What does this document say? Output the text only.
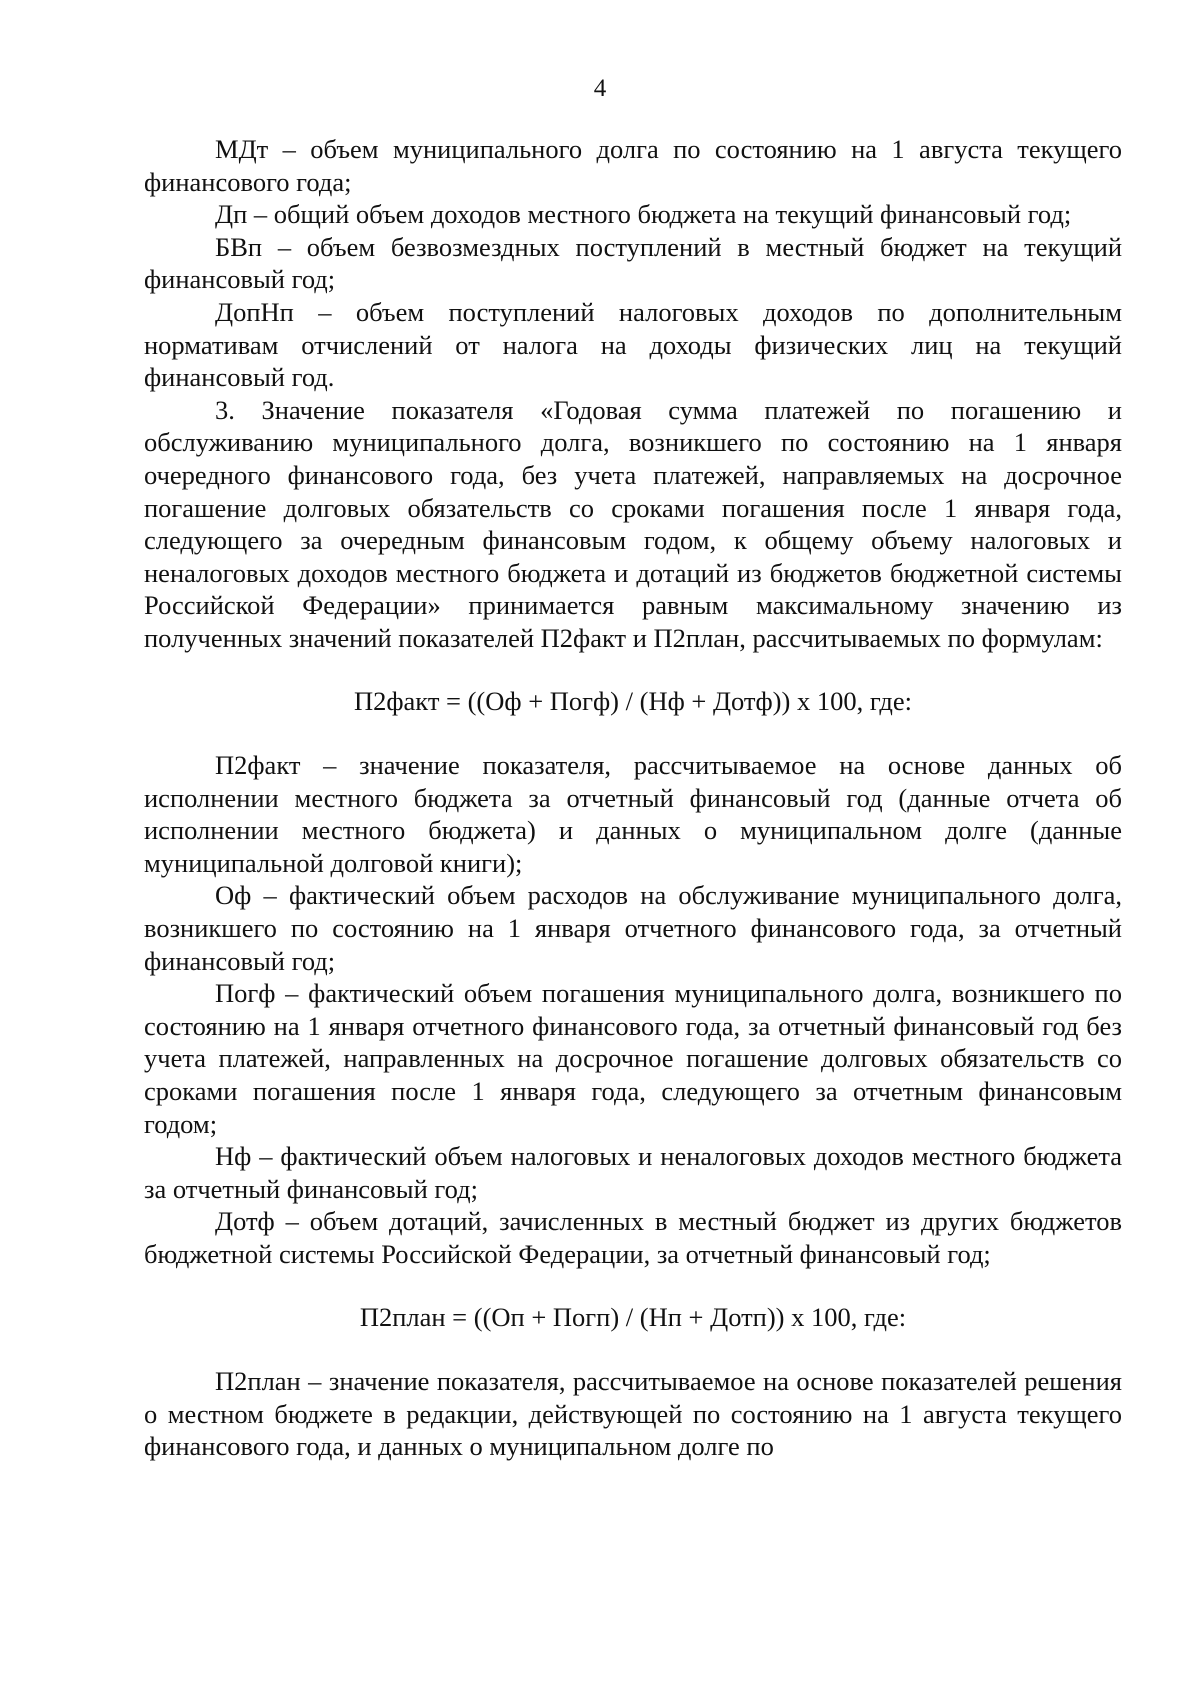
4

МДт – объем муниципального долга по состоянию на 1 августа текущего финансового года;

Дп – общий объем доходов местного бюджета на текущий финансовый год;

БВп – объем безвозмездных поступлений в местный бюджет на текущий финансовый год;

ДопНп – объем поступлений налоговых доходов по дополнительным нормативам отчислений от налога на доходы физических лиц на текущий финансовый год.

3. Значение показателя «Годовая сумма платежей по погашению и обслуживанию муниципального долга, возникшего по состоянию на 1 января очередного финансового года, без учета платежей, направляемых на досрочное погашение долговых обязательств со сроками погашения после 1 января года, следующего за очередным финансовым годом, к общему объему налоговых и неналоговых доходов местного бюджета и дотаций из бюджетов бюджетной системы Российской Федерации» принимается равным максимальному значению из полученных значений показателей П2факт и П2план, рассчитываемых по формулам:

П2факт = ((Оф + Погф) / (Нф + Дотф)) х 100, где:

П2факт – значение показателя, рассчитываемое на основе данных об исполнении местного бюджета за отчетный финансовый год (данные отчета об исполнении местного бюджета) и данных о муниципальном долге (данные муниципальной долговой книги);

Оф – фактический объем расходов на обслуживание муниципального долга, возникшего по состоянию на 1 января отчетного финансового года, за отчетный финансовый год;

Погф – фактический объем погашения муниципального долга, возникшего по состоянию на 1 января отчетного финансового года, за отчетный финансовый год без учета платежей, направленных на досрочное погашение долговых обязательств со сроками погашения после 1 января года, следующего за отчетным финансовым годом;

Нф – фактический объем налоговых и неналоговых доходов местного бюджета за отчетный финансовый год;

Дотф – объем дотаций, зачисленных в местный бюджет из других бюджетов бюджетной системы Российской Федерации, за отчетный финансовый год;

П2план = ((Оп + Погп) / (Нп + Дотп)) х 100, где:

П2план – значение показателя, рассчитываемое на основе показателей решения о местном бюджете в редакции, действующей по состоянию на 1 августа текущего финансового года, и данных о муниципальном долге по
